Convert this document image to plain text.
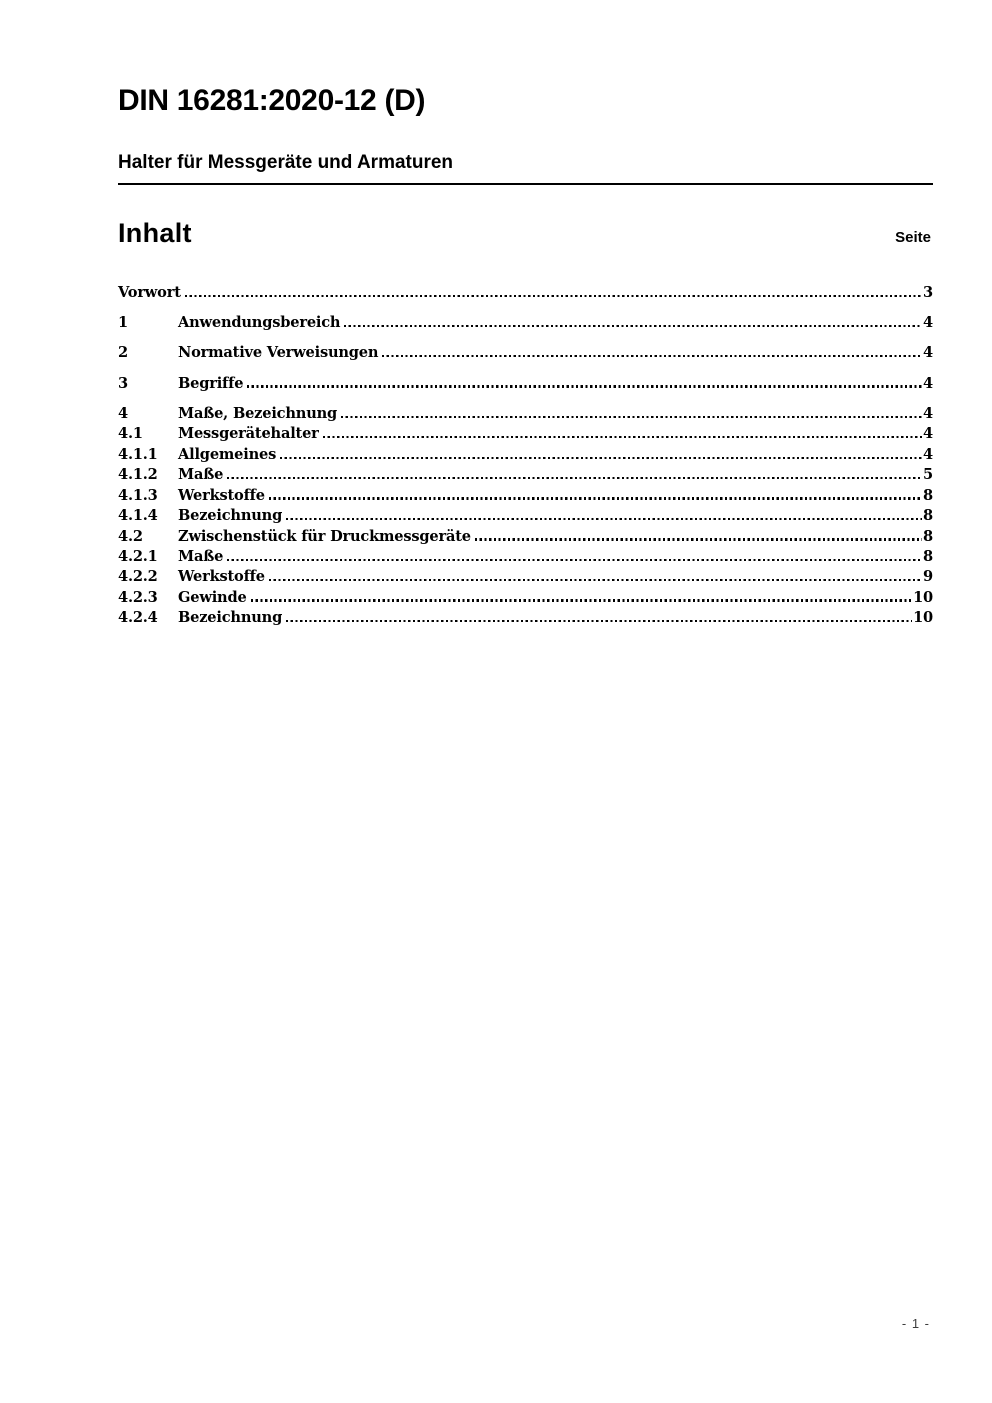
DIN 16281:2020-12 (D)
Halter für Messgeräte und Armaturen
Inhalt	Seite
Vorwort	3
1	Anwendungsbereich	4
2	Normative Verweisungen	4
3	Begriffe	4
4	Maße, Bezeichnung	4
4.1	Messgerätehalter	4
4.1.1	Allgemeines	4
4.1.2	Maße	5
4.1.3	Werkstoffe	8
4.1.4	Bezeichnung	8
4.2	Zwischenstück für Druckmessgeräte	8
4.2.1	Maße	8
4.2.2	Werkstoffe	9
4.2.3	Gewinde	10
4.2.4	Bezeichnung	10
- 1 -
